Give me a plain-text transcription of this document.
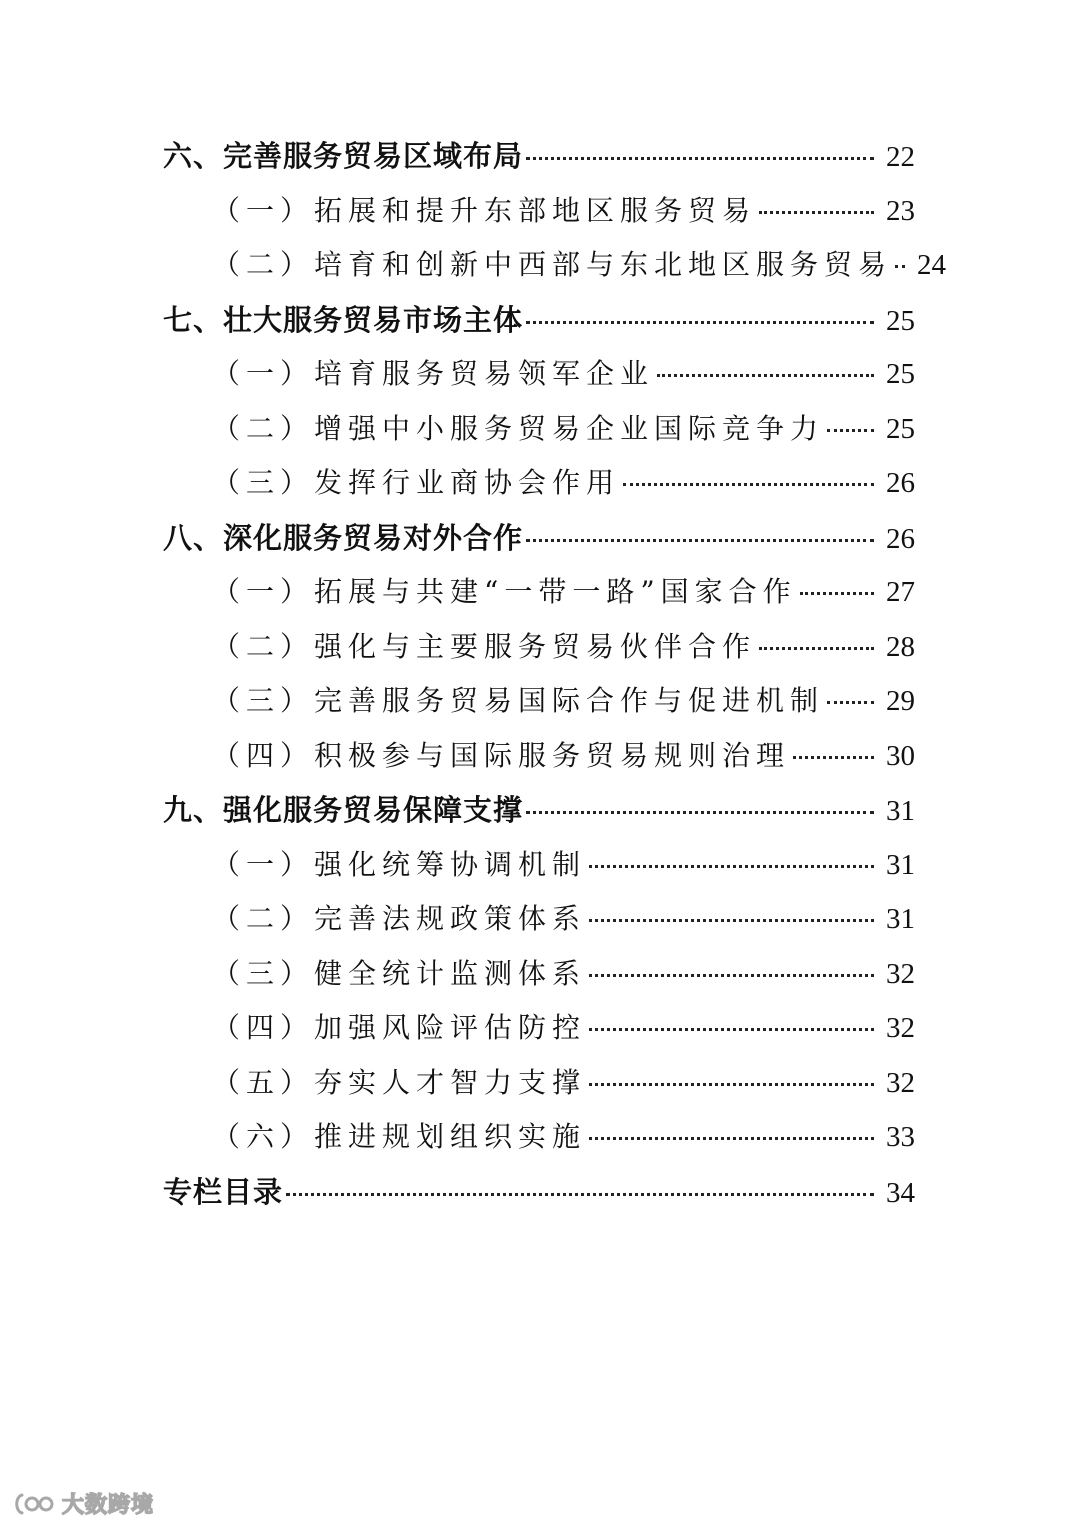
六、完善服务贸易区域布局	22
（一）拓展和提升东部地区服务贸易	23
（二）培育和创新中西部与东北地区服务贸易 24
七、壮大服务贸易市场主体	25
（一）培育服务贸易领军企业	25
（二）增强中小服务贸易企业国际竞争力	25
（三）发挥行业商协会作用	26
八、深化服务贸易对外合作	26
（一）拓展与共建“一带一路”国家合作	27
（二）强化与主要服务贸易伙伴合作	28
（三）完善服务贸易国际合作与促进机制	29
（四）积极参与国际服务贸易规则治理	30
九、强化服务贸易保障支撑	31
（一）强化统筹协调机制	31
（二）完善法规政策体系	31
（三）健全统计监测体系	32
（四）加强风险评估防控	32
（五）夯实人才智力支撑	32
（六）推进规划组织实施	33
专栏目录	34
大数跨境
